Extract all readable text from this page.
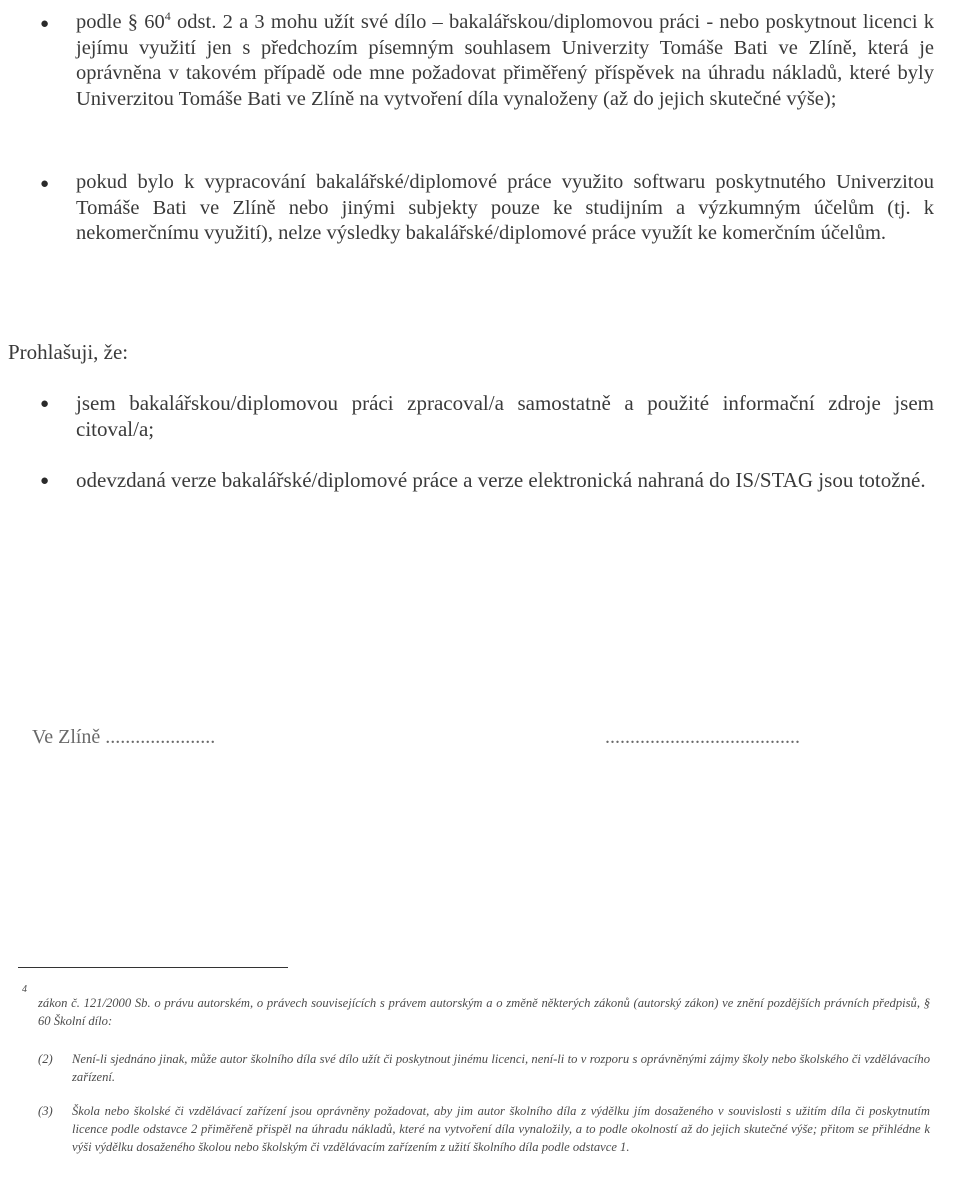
●	podle § $60^4$ odst. 2 a 3 mohu užít své dílo – bakalářskou/diplomovou práci - nebo poskytnout licenci k jejímu využití jen s předchozím písemným souhlasem Univerzity Tomáše Bati ve Zlíně, která je oprávněna v takovém případě ode mne požadovat přiměřený příspěvek na úhradu nákladů, které byly Univerzitou Tomáše Bati ve Zlíně na vytvoření díla vynaloženy (až do jejich skutečné výše);
●	pokud bylo k vypracování bakalářské/diplomové práce využito softwaru poskytnutého Univerzitou Tomáše Bati ve Zlíně nebo jinými subjekty pouze ke studijním a výzkumným účelům (tj. k nekomerčnímu využití), nelze výsledky bakalářské/diplomové práce využít ke komerčním účelům.
Prohlašuji, že:
●	jsem bakalářskou/diplomovou práci zpracoval/a samostatně a použité informační zdroje jsem citoval/a;
●	odevzdaná verze bakalářské/diplomové práce a verze elektronická nahraná do IS/STAG jsou totožné.
Ve Zlíně ......................	.......................................
4
zákon č. 121/2000 Sb. o právu autorském, o právech souvisejících s právem autorským a o změně některých zákonů (autorský zákon) ve znění pozdějších právních předpisů, § 60 Školní dílo:
(2)	Není-li sjednáno jinak, může autor školního díla své dílo užít či poskytnout jinému licenci, není-li to v rozporu s oprávněnými zájmy školy nebo školského či vzdělávacího zařízení.
(3)	Škola nebo školské či vzdělávací zařízení jsou oprávněny požadovat, aby jim autor školního díla z výdělku jím dosaženého v souvislosti s užitím díla či poskytnutím licence podle odstavce 2 přiměřeně přispěl na úhradu nákladů, které na vytvoření díla vynaložily, a to podle okolností až do jejich skutečné výše; přitom se přihlédne k výši výdělku dosaženého školou nebo školským či vzdělávacím zařízením z užití školního díla podle odstavce 1.
